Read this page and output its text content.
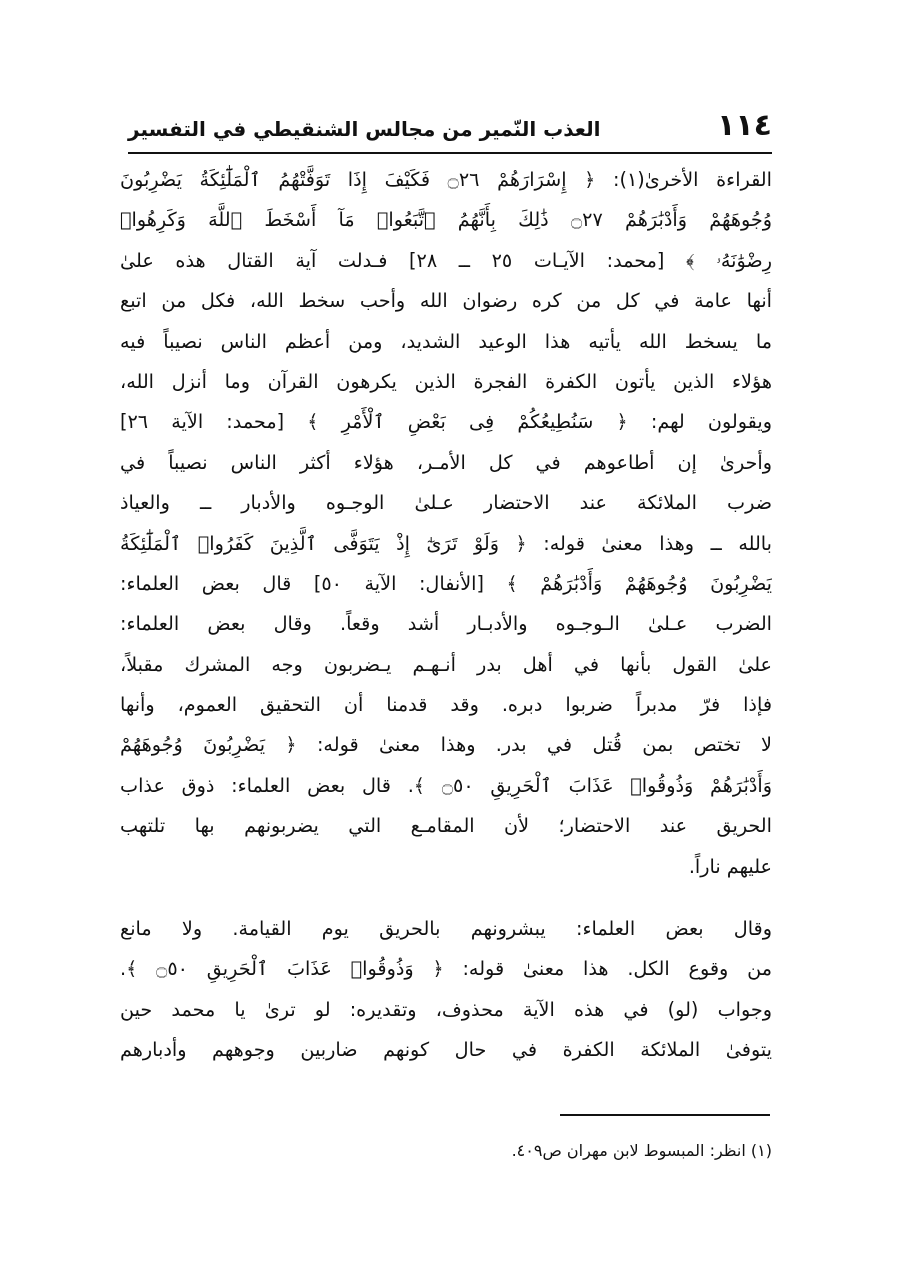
١١٤
العذب النّمير من مجالس الشنقيطي في التفسير
القراءة الأخرىٰ(١): ﴿ إِسْرَارَهُمْ ۝٢٦ فَكَيْفَ إِذَا تَوَفَّتْهُمُ ٱلْمَلَٰٓئِكَةُ يَضْرِبُونَ
وُجُوهَهُمْ وَأَدْبَٰرَهُمْ ۝٢٧ ذَٰلِكَ بِأَنَّهُمُ ٱتَّبَعُوا۟ مَآ أَسْخَطَ ٱللَّهَ وَكَرِهُوا۟
رِضْوَٰنَهُۥ ﴾ [محمد: الآيـات ٢٥ ــ ٢٨] فـدلت آية القتال هذه علىٰ
أنها عامة في كل من كره رضوان الله وأحب سخط الله، فكل من اتبع
ما يسخط الله يأتيه هذا الوعيد الشديد، ومن أعظم الناس نصيباً فيه
هؤلاء الذين يأتون الكفرة الفجرة الذين يكرهون القرآن وما أنزل الله،
ويقولون لهم: ﴿ سَنُطِيعُكُمْ فِى بَعْضِ ٱلْأَمْرِ ﴾ [محمد: الآية ٢٦]
وأحرىٰ إن أطاعوهم في كل الأمـر، هؤلاء أكثر الناس نصيباً في
ضرب الملائكة عند الاحتضار عـلىٰ الوجـوه والأدبار ــ والعياذ
بالله ــ وهذا معنىٰ قوله: ﴿ وَلَوْ تَرَىٰٓ إِذْ يَتَوَفَّى ٱلَّذِينَ كَفَرُوا۟ ٱلْمَلَٰٓئِكَةُ
يَضْرِبُونَ وُجُوهَهُمْ وَأَدْبَٰرَهُمْ ﴾ [الأنفال: الآية ٥٠] قال بعض العلماء:
الضرب عـلىٰ الـوجـوه والأدبـار أشد وقعاً. وقال بعض العلماء:
علىٰ القول بأنها في أهل بدر أنـهـم يـضربون وجه المشرك مقبلاً،
فإذا فرّ مدبراً ضربوا دبره. وقد قدمنا أن التحقيق العموم، وأنها
لا تختص بمن قُتل في بدر. وهذا معنىٰ قوله: ﴿ يَضْرِبُونَ وُجُوهَهُمْ
وَأَدْبَٰرَهُمْ وَذُوقُوا۟ عَذَابَ ٱلْحَرِيقِ ۝٥٠ ﴾. قال بعض العلماء: ذوق عذاب
الحريق عند الاحتضار؛ لأن المقامـع التي يضربونهم بها تلتهب
عليهم ناراً.
وقال بعض العلماء: يبشرونهم بالحريق يوم القيامة. ولا مانع
من وقوع الكل. هذا معنىٰ قوله: ﴿ وَذُوقُوا۟ عَذَابَ ٱلْحَرِيقِ ۝٥٠ ﴾.
وجواب (لو) في هذه الآية محذوف، وتقديره: لو ترىٰ يا محمد حين
يتوفىٰ الملائكة الكفرة في حال كونهم ضاربين وجوههم وأدبارهم
(١) انظر: المبسوط لابن مهران ص٤٠٩.
